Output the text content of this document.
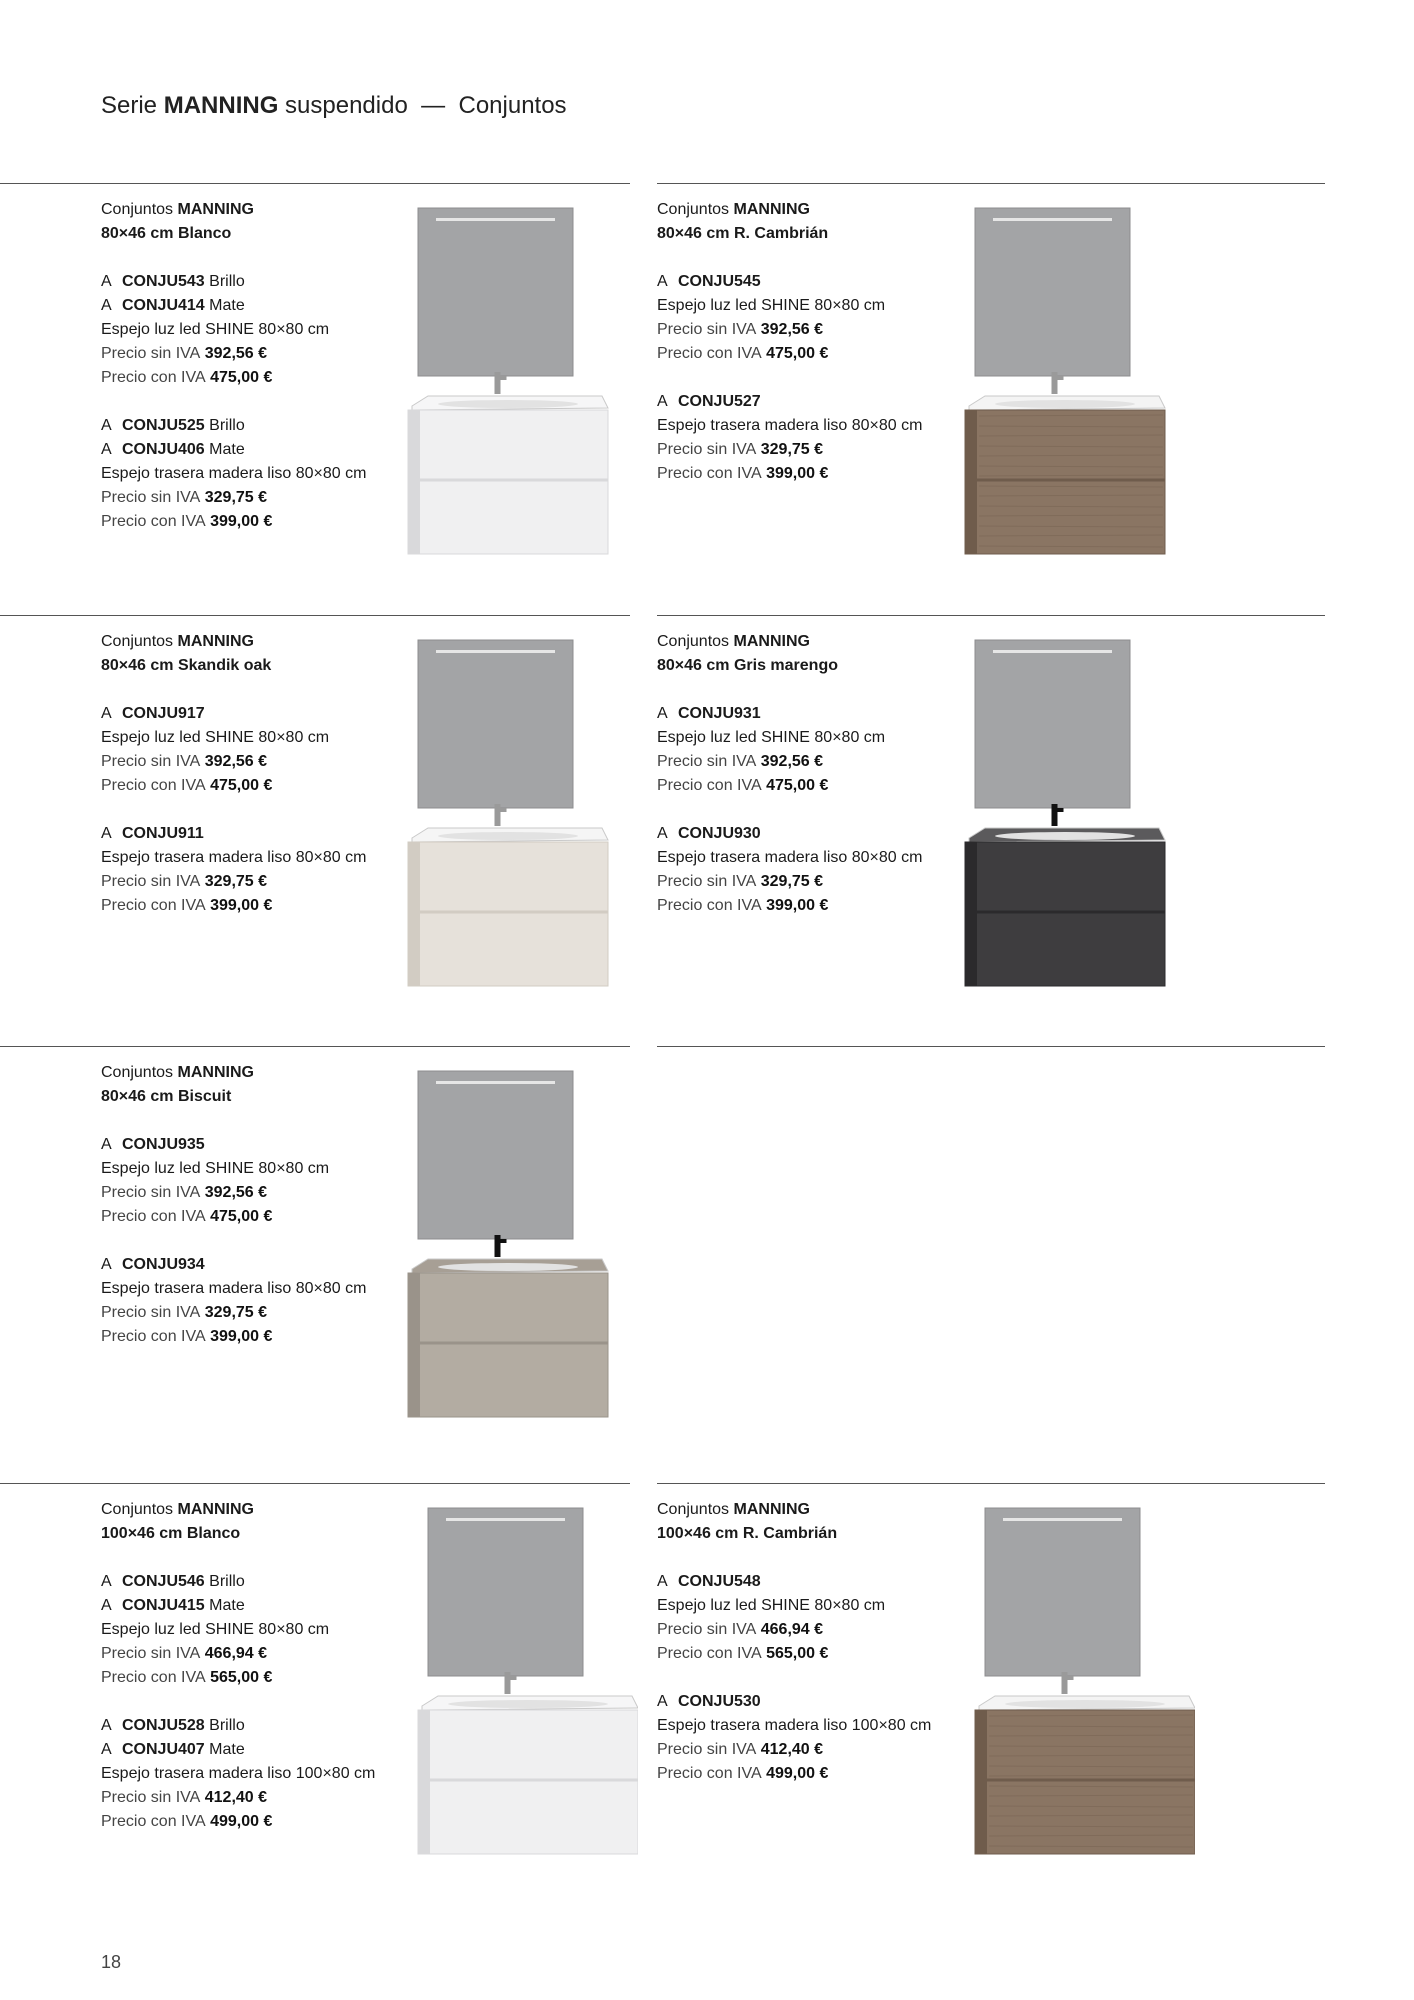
Serie MANNING suspendido — Conjuntos
Conjuntos MANNING
80×46 cm Blanco
A CONJU543 Brillo
A CONJU414 Mate
Espejo luz led SHINE 80×80 cm
Precio sin IVA 392,56 €
Precio con IVA 475,00 €
A CONJU525 Brillo
A CONJU406 Mate
Espejo trasera madera liso 80×80 cm
Precio sin IVA 329,75 €
Precio con IVA 399,00 €
Conjuntos MANNING
80×46 cm R. Cambrián
A CONJU545
Espejo luz led SHINE 80×80 cm
Precio sin IVA 392,56 €
Precio con IVA 475,00 €
A CONJU527
Espejo trasera madera liso 80×80 cm
Precio sin IVA 329,75 €
Precio con IVA 399,00 €
Conjuntos MANNING
80×46 cm Skandik oak
A CONJU917
Espejo luz led SHINE 80×80 cm
Precio sin IVA 392,56 €
Precio con IVA 475,00 €
A CONJU911
Espejo trasera madera liso 80×80 cm
Precio sin IVA 329,75 €
Precio con IVA 399,00 €
Conjuntos MANNING
80×46 cm Gris marengo
A CONJU931
Espejo luz led SHINE 80×80 cm
Precio sin IVA 392,56 €
Precio con IVA 475,00 €
A CONJU930
Espejo trasera madera liso 80×80 cm
Precio sin IVA 329,75 €
Precio con IVA 399,00 €
Conjuntos MANNING
80×46 cm Biscuit
A CONJU935
Espejo luz led SHINE 80×80 cm
Precio sin IVA 392,56 €
Precio con IVA 475,00 €
A CONJU934
Espejo trasera madera liso 80×80 cm
Precio sin IVA 329,75 €
Precio con IVA 399,00 €
Conjuntos MANNING
100×46 cm Blanco
A CONJU546 Brillo
A CONJU415 Mate
Espejo luz led SHINE 80×80 cm
Precio sin IVA 466,94 €
Precio con IVA 565,00 €
A CONJU528 Brillo
A CONJU407 Mate
Espejo trasera madera liso 100×80 cm
Precio sin IVA 412,40 €
Precio con IVA 499,00 €
Conjuntos MANNING
100×46 cm R. Cambrián
A CONJU548
Espejo luz led SHINE 80×80 cm
Precio sin IVA 466,94 €
Precio con IVA 565,00 €
A CONJU530
Espejo trasera madera liso 100×80 cm
Precio sin IVA 412,40 €
Precio con IVA 499,00 €
18
